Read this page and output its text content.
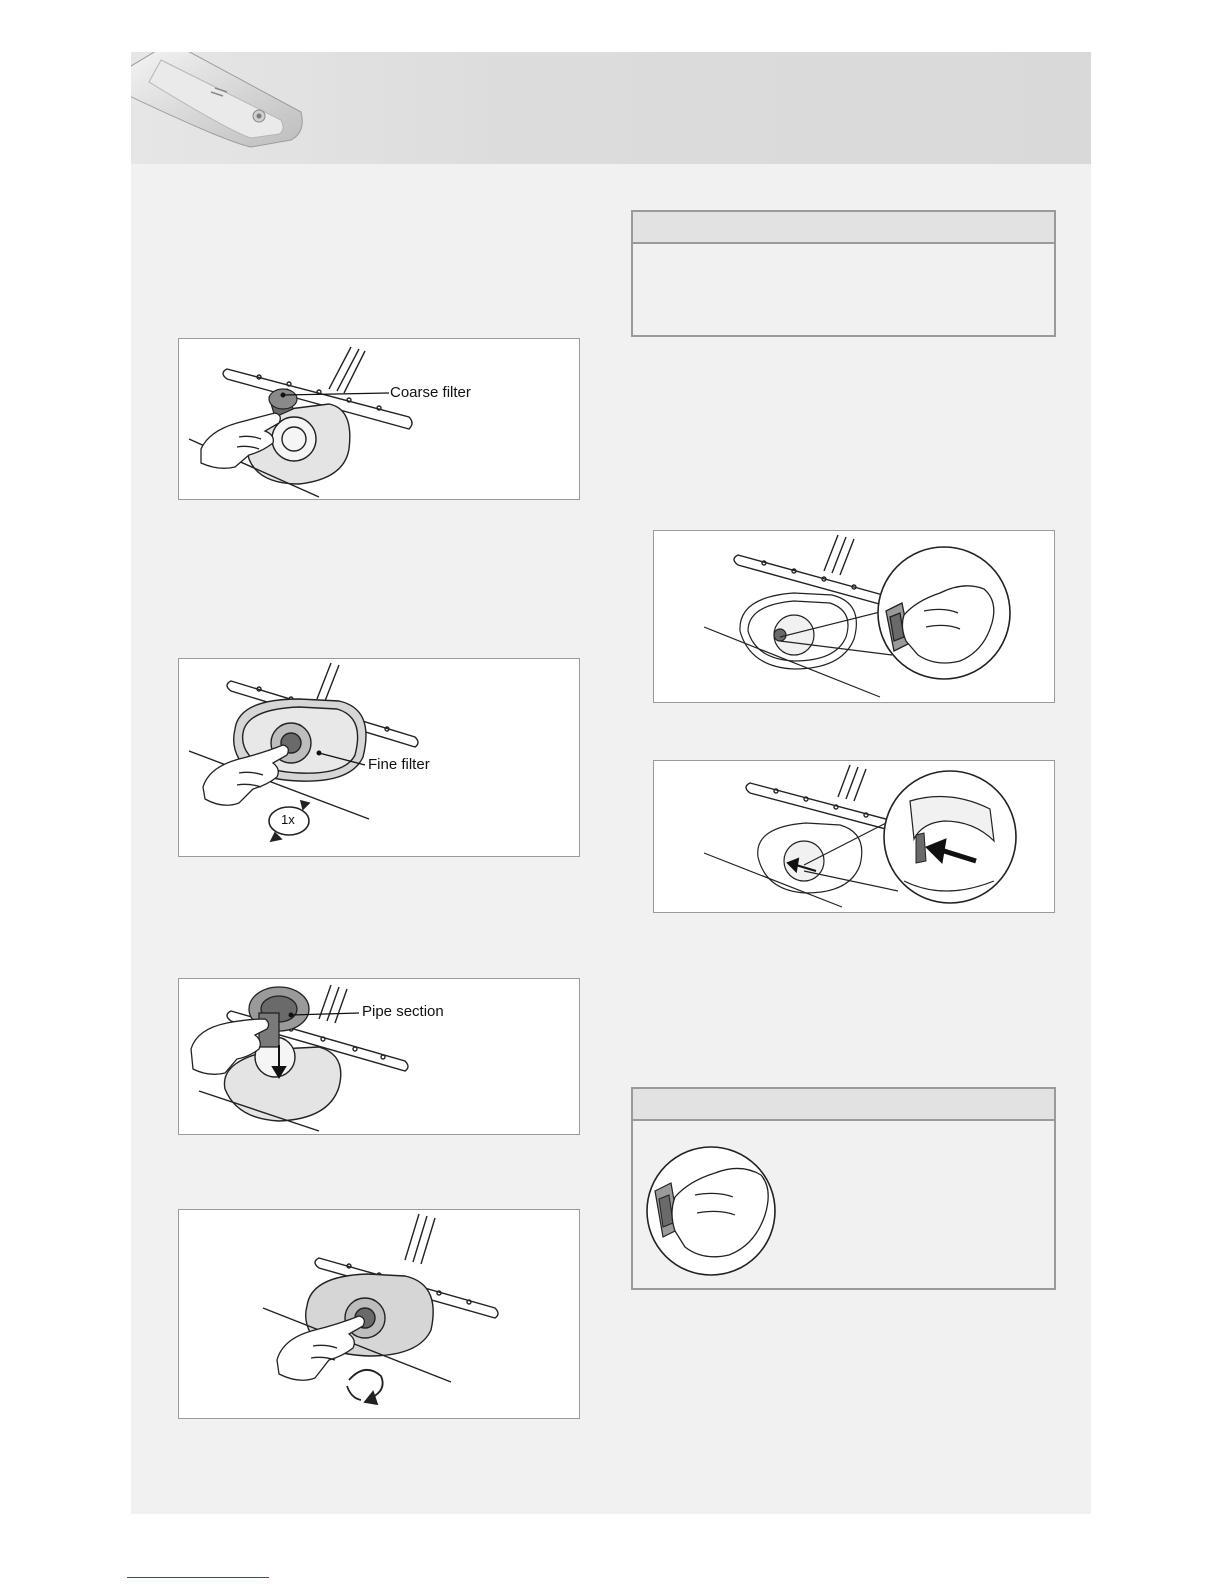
Coarse filter
Fine filter
1x
Pipe section
